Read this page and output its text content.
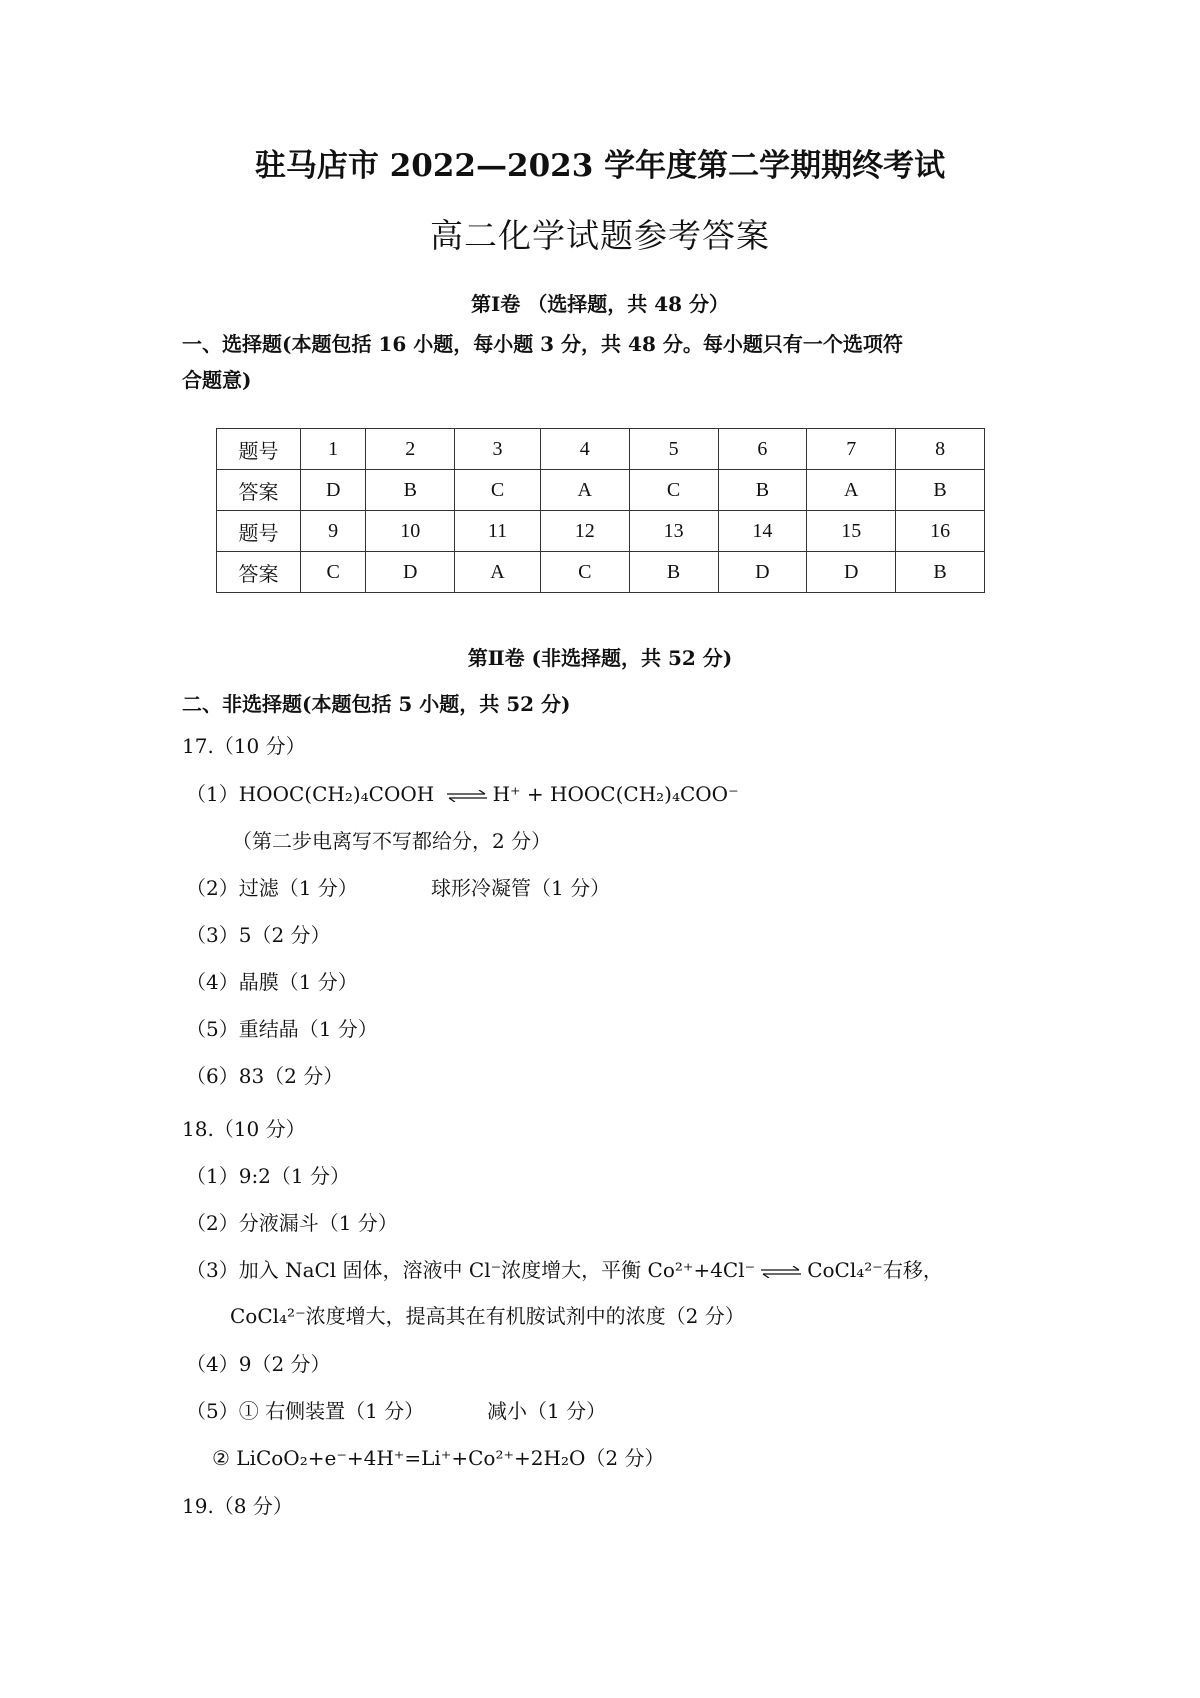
驻马店市 2022—2023 学年度第二学期期终考试
高二化学试题参考答案
第Ⅰ卷 （选择题，共 48 分）
一、选择题(本题包括 16 小题，每小题 3 分，共 48 分。每小题只有一个选项符
合题意)
题号	1	2	3	4	5	6	7	8
答案	D	B	C	A	C	B	A	B
题号	9	10	11	12	13	14	15	16
答案	C	D	A	C	B	D	D	B
第Ⅱ卷 (非选择题，共 52 分)
二、非选择题(本题包括 5 小题，共 52 分)
17.（10 分）
（1）HOOC(CH₂)₄COOH ⇌ H⁺ + HOOC(CH₂)₄COO⁻
（第二步电离写不写都给分，2 分）
（2）过滤（1 分）	球形冷凝管（1 分）
（3）5（2 分）
（4）晶膜（1 分）
（5）重结晶（1 分）
（6）83（2 分）
18.（10 分）
（1）9:2（1 分）
（2）分液漏斗（1 分）
（3）加入 NaCl 固体，溶液中 Cl⁻浓度增大，平衡 Co²⁺+4Cl⁻ ⇌ CoCl₄²⁻右移，
CoCl₄²⁻浓度增大，提高其在有机胺试剂中的浓度（2 分）
（4）9（2 分）
（5）① 右侧装置（1 分）	减小（1 分）
② LiCoO₂+e⁻+4H⁺=Li⁺+Co²⁺+2H₂O（2 分）
19.（8 分）
